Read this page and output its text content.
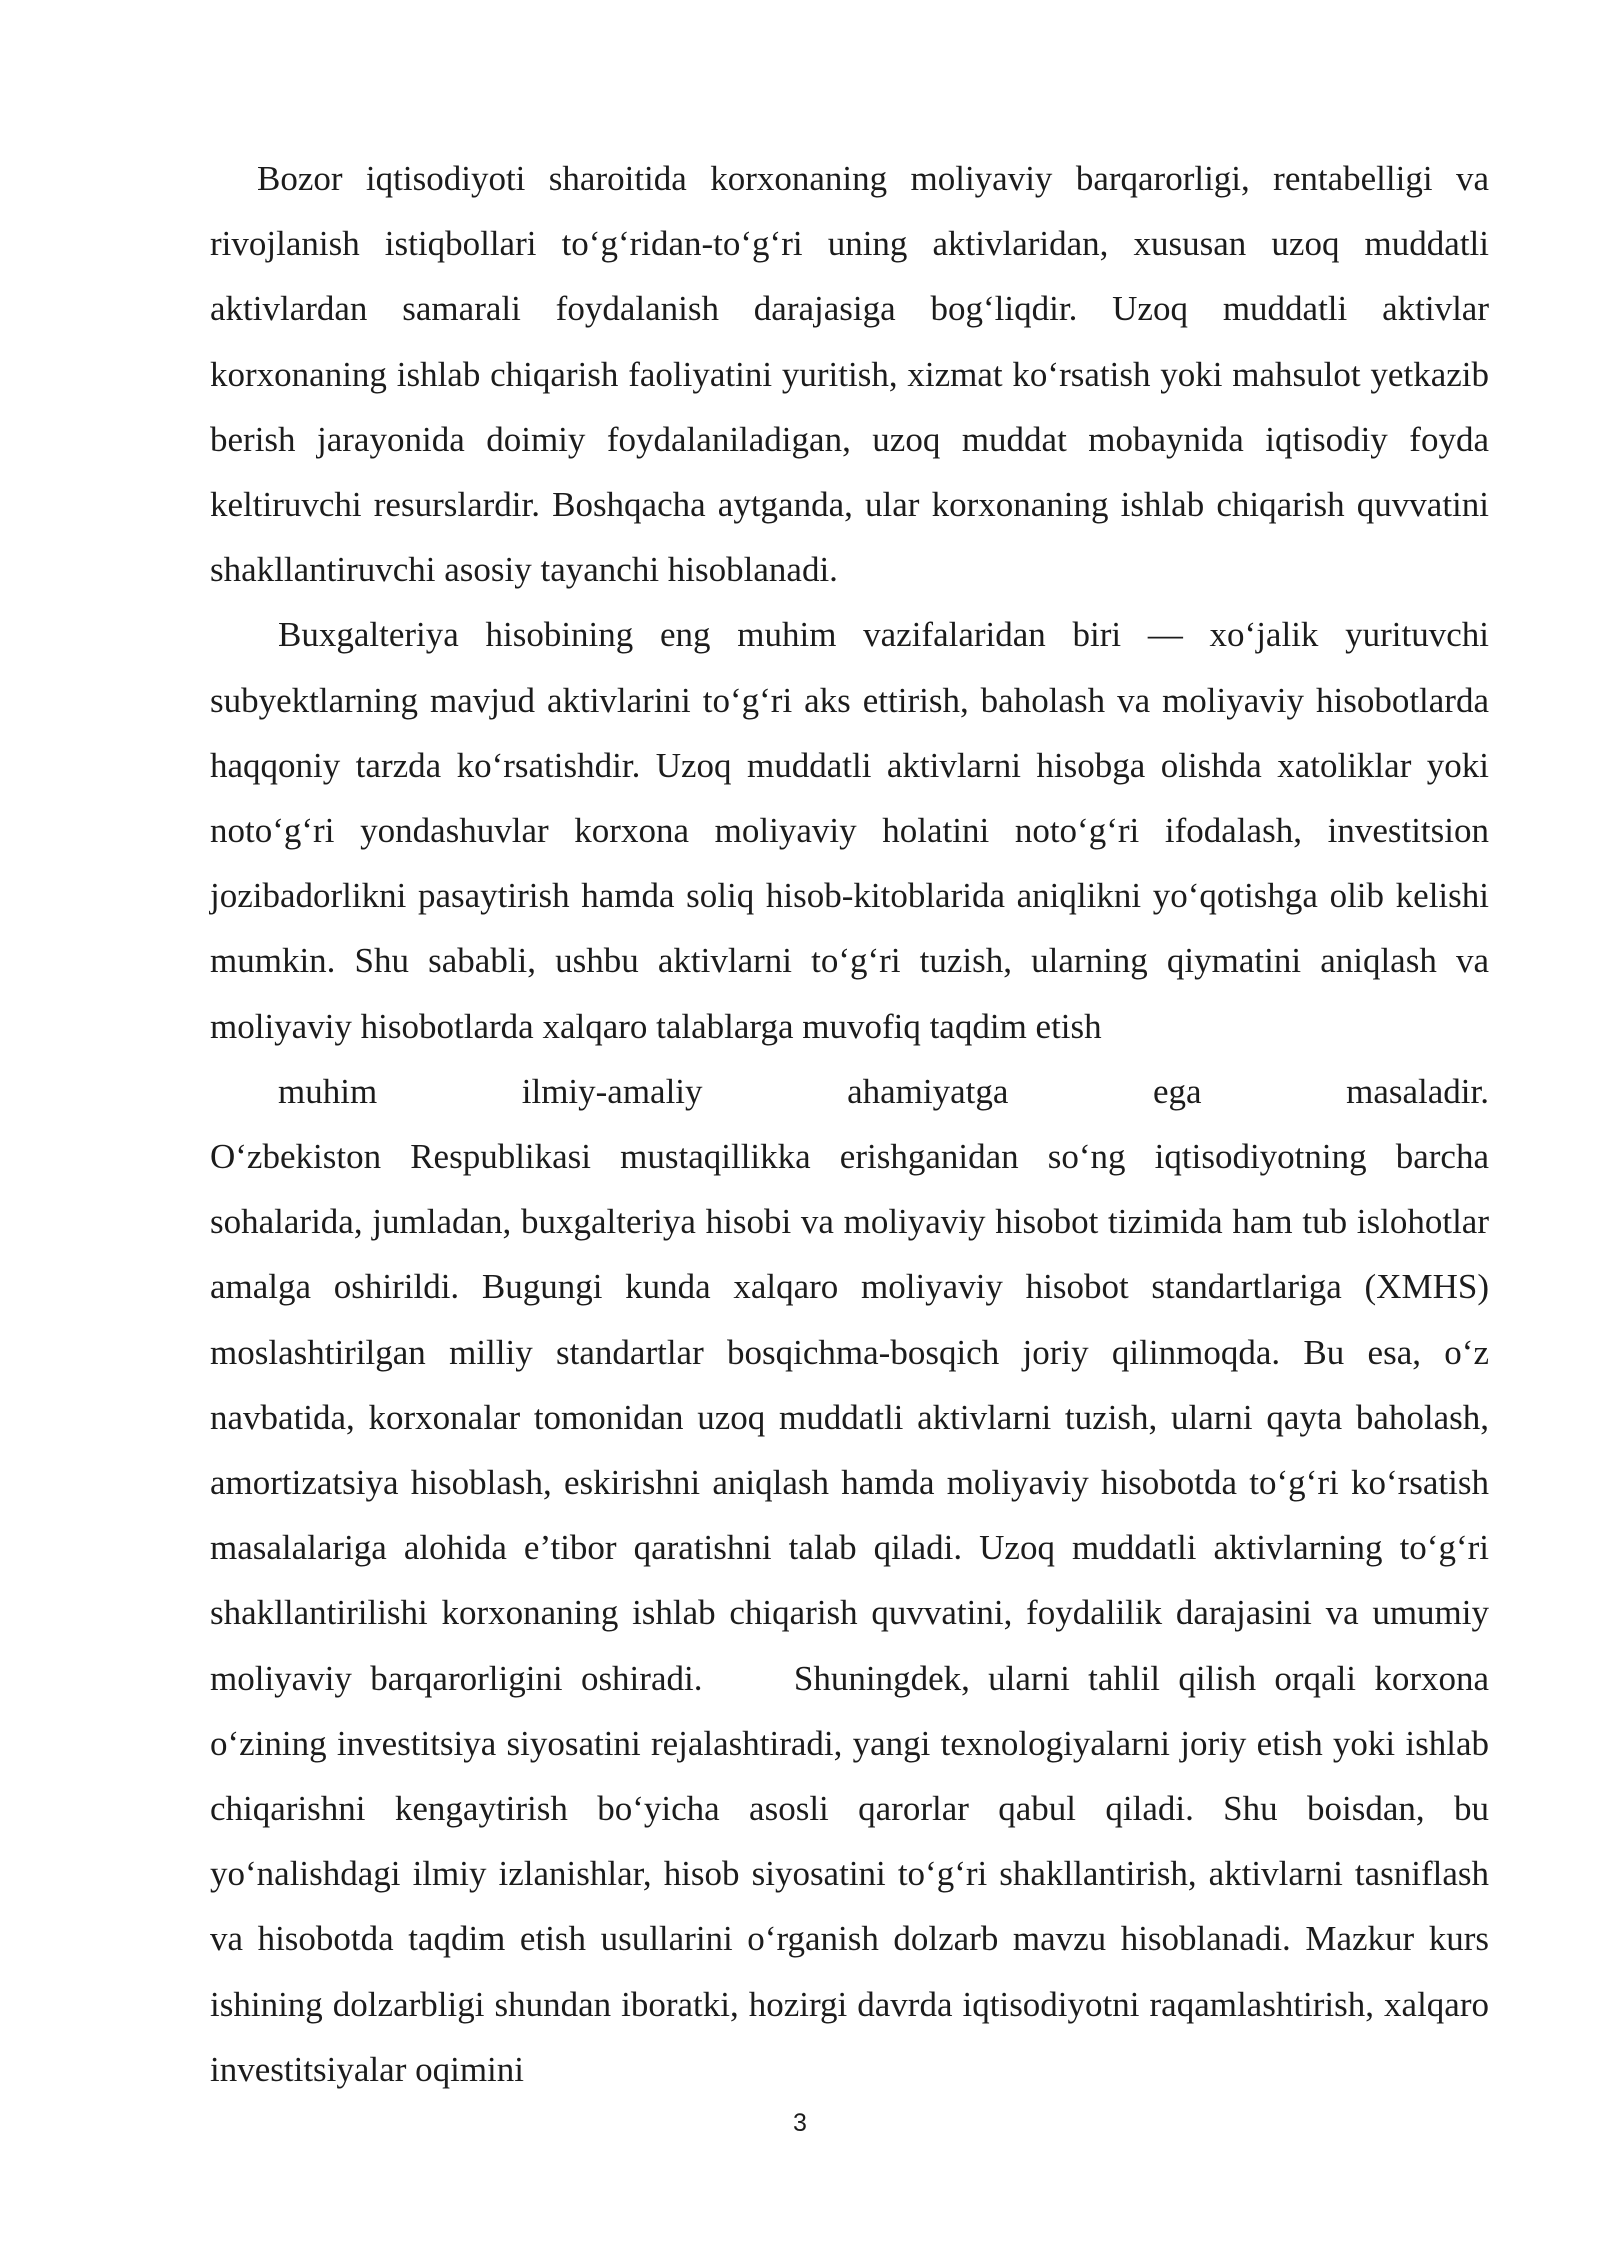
Bozor iqtisodiyoti sharoitida korxonaning moliyaviy barqarorligi, rentabelligi va rivojlanish istiqbollari to‘g‘ridan-to‘g‘ri uning aktivlaridan, xususan uzoq muddatli aktivlardan samarali foydalanish darajasiga bog‘liqdir. Uzoq muddatli aktivlar korxonaning ishlab chiqarish faoliyatini yuritish, xizmat ko‘rsatish yoki mahsulot yetkazib berish jarayonida doimiy foydalaniladigan, uzoq muddat mobaynida iqtisodiy foyda keltiruvchi resurslardir. Boshqacha aytganda, ular korxonaning ishlab chiqarish quvvatini shakllantiruvchi asosiy tayanchi hisoblanadi.

Buxgalteriya hisobining eng muhim vazifalaridan biri — xo‘jalik yurituvchi subyektlarning mavjud aktivlarini to‘g‘ri aks ettirish, baholash va moliyaviy hisobotlarda haqqoniy tarzda ko‘rsatishdir. Uzoq muddatli aktivlarni hisobga olishda xatoliklar yoki noto‘g‘ri yondashuvlar korxona moliyaviy holatini noto‘g‘ri ifodalash, investitsion jozibadorlikni pasaytirish hamda soliq hisob-kitoblarida aniqlikni yo‘qotishga olib kelishi mumkin. Shu sababli, ushbu aktivlarni to‘g‘ri tuzish, ularning qiymatini aniqlash va moliyaviy hisobotlarda xalqaro talablarga muvofiq taqdim etish
muhim ilmiy-amaliy ahamiyatga ega masaladir.

O‘zbekiston Respublikasi mustaqillikka erishganidan so‘ng iqtisodiyotning barcha sohalarida, jumladan, buxgalteriya hisobi va moliyaviy hisobot tizimida ham tub islohotlar amalga oshirildi. Bugungi kunda xalqaro moliyaviy hisobot standartlariga (XMHS) moslashtirilgan milliy standartlar bosqichma-bosqich joriy qilinmoqda. Bu esa, o‘z navbatida, korxonalar tomonidan uzoq muddatli aktivlarni tuzish, ularni qayta baholash, amortizatsiya hisoblash, eskirishni aniqlash hamda moliyaviy hisobotda to‘g‘ri ko‘rsatish masalalariga alohida e’tibor qaratishni talab qiladi. Uzoq muddatli aktivlarning to‘g‘ri shakllantirilishi korxonaning ishlab chiqarish quvvatini, foydalilik darajasini va umumiy moliyaviy barqarorligini oshiradi.	Shuningdek, ularni tahlil qilish orqali korxona o‘zining investitsiya siyosatini rejalashtiradi, yangi texnologiyalarni joriy etish yoki ishlab chiqarishni kengaytirish bo‘yicha asosli qarorlar qabul qiladi. Shu boisdan, bu yo‘nalishdagi ilmiy izlanishlar, hisob siyosatini to‘g‘ri shakllantirish, aktivlarni tasniflash va hisobotda taqdim etish usullarini o‘rganish dolzarb mavzu hisoblanadi. Mazkur kurs ishining dolzarbligi shundan iboratki, hozirgi davrda iqtisodiyotni raqamlashtirish, xalqaro investitsiyalar oqimini

3
